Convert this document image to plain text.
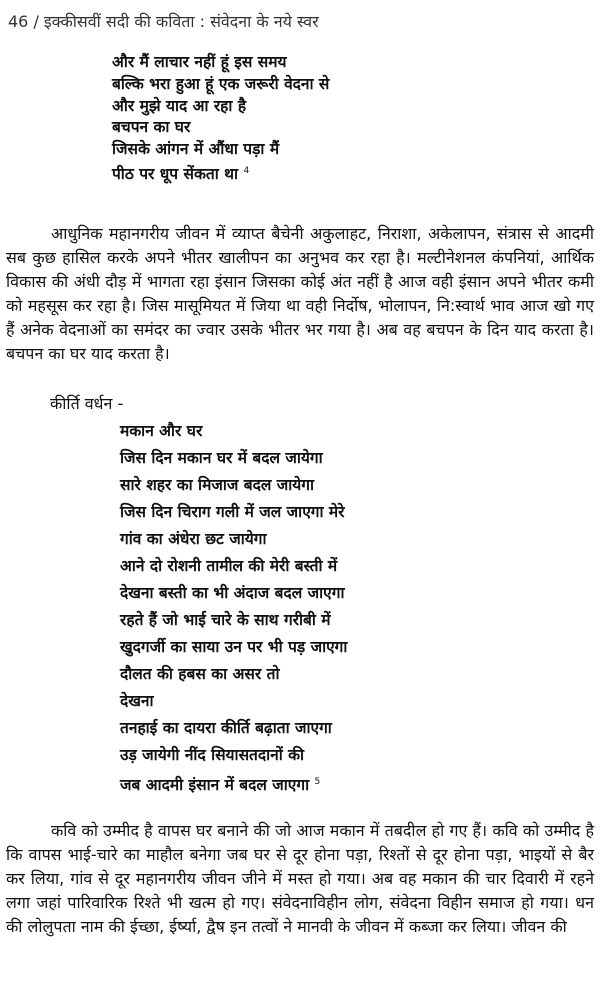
46 / इक्कीसवीं सदी की कविता : संवेदना के नये स्वर
और मैं लाचार नहीं हूं इस समय
बल्कि भरा हुआ हूं एक जरूरी वेदना से
और मुझे याद आ रहा है
बचपन का घर
जिसके आंगन में औंधा पड़ा मैं
पीठ पर धूप सेंकता था $^4$
आधुनिक महानगरीय जीवन में व्याप्त बैचेनी अकुलाहट, निराशा, अकेलापन, संत्रास से आदमी सब कुछ हासिल करके अपने भीतर खालीपन का अनुभव कर रहा है। मल्टीनेशनल कंपनियां, आर्थिक विकास की अंधी दौड़ में भागता रहा इंसान जिसका कोई अंत नहीं है आज वही इंसान अपने भीतर कमी को महसूस कर रहा है। जिस मासूमियत में जिया था वही निर्दोष, भोलापन, नि:स्वार्थ भाव आज खो गए हैं अनेक वेदनाओं का समंदर का ज्वार उसके भीतर भर गया है। अब वह बचपन के दिन याद करता है। बचपन का घर याद करता है।
कीर्ति वर्धन -
मकान और घर
जिस दिन मकान घर में बदल जायेगा
सारे शहर का मिजाज बदल जायेगा
जिस दिन चिराग गली में जल जाएगा मेरे
गांव का अंधेरा छट जायेगा
आने दो रोशनी तामील की मेरी बस्ती में
देखना बस्ती का भी अंदाज बदल जाएगा
रहते हैं जो भाई चारे के साथ गरीबी में
खुदगर्जी का साया उन पर भी पड़ जाएगा
दौलत की हबस का असर तो
देखना
तनहाई का दायरा कीर्ति बढ़ाता जाएगा
उड़ जायेगी नींद सियासतदानों की
जब आदमी इंसान में बदल जाएगा $^5$
कवि को उम्मीद है वापस घर बनाने की जो आज मकान में तबदील हो गए हैं। कवि को उम्मीद है कि वापस भाई-चारे का माहौल बनेगा जब घर से दूर होना पड़ा, रिश्तों से दूर होना पड़ा, भाइयों से बैर कर लिया, गांव से दूर महानगरीय जीवन जीने में मस्त हो गया। अब वह मकान की चार दिवारी में रहने लगा जहां पारिवारिक रिश्ते भी खत्म हो गए। संवेदनाविहीन लोग, संवेदना विहीन समाज हो गया। धन की लोलुपता नाम की ईच्छा, ईर्ष्या, द्वैष इन तत्वों ने मानवी के जीवन में कब्जा कर लिया। जीवन की
